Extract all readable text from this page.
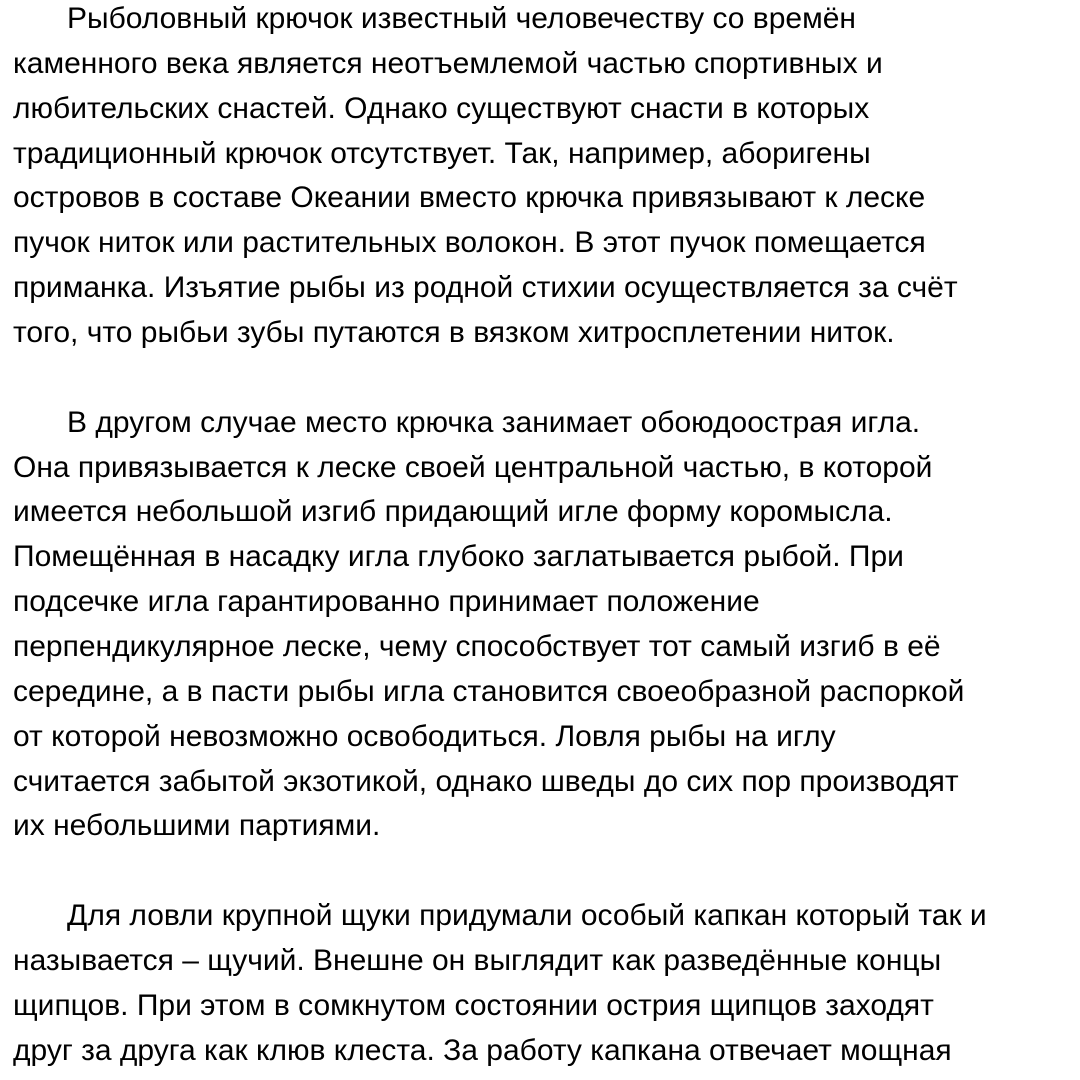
Рыболовный крючок известный человечеству со времён
каменного века является неотъемлемой частью спортивных и
любительских снастей. Однако существуют снасти в которых
традиционный крючок отсутствует. Так, например, аборигены
островов в составе Океании вместо крючка привязывают к леске
пучок ниток или растительных волокон. В этот пучок помещается
приманка. Изъятие рыбы из родной стихии осуществляется за счёт
того, что рыбьи зубы путаются в вязком хитросплетении ниток.

В другом случае место крючка занимает обоюдоострая игла.
Она привязывается к леске своей центральной частью, в которой
имеется небольшой изгиб придающий игле форму коромысла.
Помещённая в насадку игла глубоко заглатывается рыбой. При
подсечке игла гарантированно принимает положение
перпендикулярное леске, чему способствует тот самый изгиб в её
середине, а в пасти рыбы игла становится своеобразной распоркой
от которой невозможно освободиться. Ловля рыбы на иглу
считается забытой экзотикой, однако шведы до сих пор производят
их небольшими партиями.

Для ловли крупной щуки придумали особый капкан который так и
называется – щучий. Внешне он выглядит как разведённые концы
щипцов. При этом в сомкнутом состоянии острия щипцов заходят
друг за друга как клюв клеста. За работу капкана отвечает мощная
